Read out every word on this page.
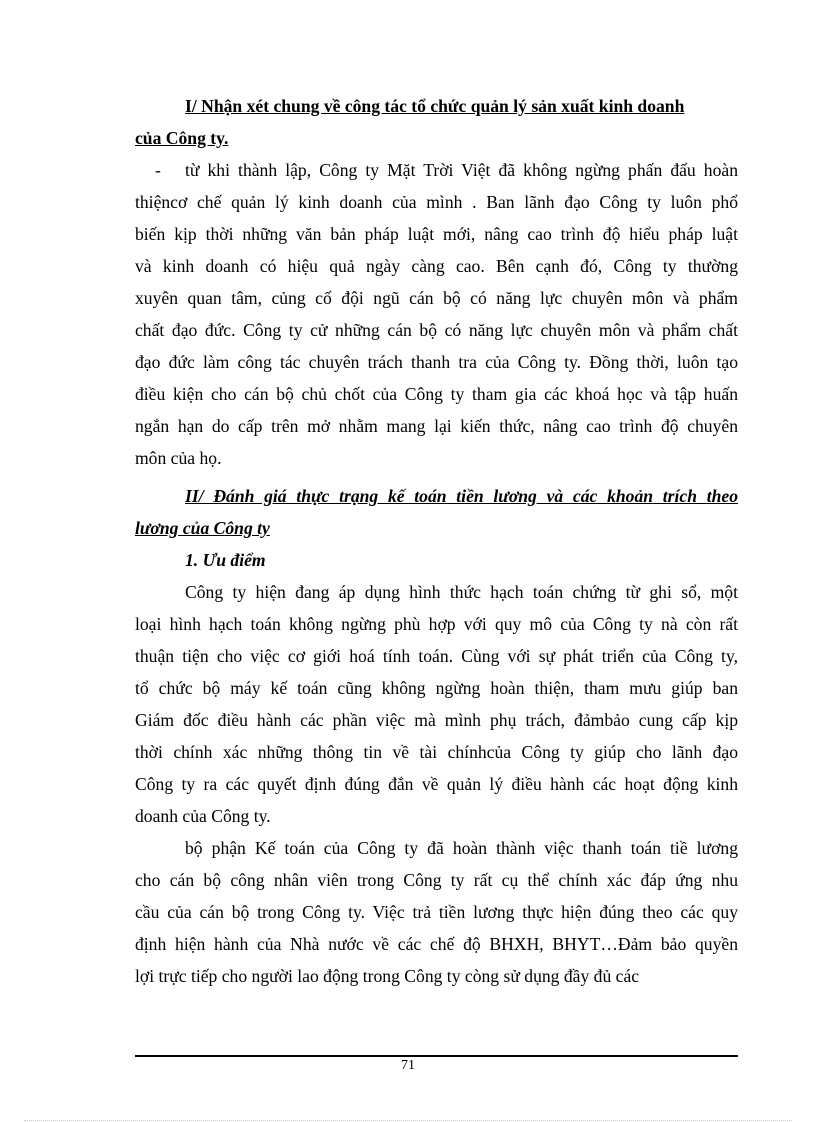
I/ Nhận xét chung về công tác tổ chức quản lý sản xuất kinh doanh
của Công ty.
- từ khi thành lập, Công ty Mặt Trời Việt đã không ngừng phấn đấu hoàn
thiệncơ chế quản lý kinh doanh của mình . Ban lãnh đạo Công ty luôn phổ
biến kịp thời những văn bản pháp luật mới, nâng cao trình độ hiểu pháp luật
và kinh doanh có hiệu quả ngày càng cao. Bên cạnh đó, Công ty thường
xuyên quan tâm, củng cố đội ngũ cán bộ có năng lực chuyên môn và phẩm
chất đạo đức. Công ty cử những cán bộ có năng lực chuyên môn và phẩm chất
đạo đức làm công tác chuyên trách thanh tra của Công ty. Đồng thời, luôn tạo
điều kiện cho cán bộ chủ chốt của Công ty tham gia các khoá học và tập huấn
ngắn hạn do cấp trên mở nhằm mang lại kiến thức, nâng cao trình độ chuyên
môn của họ.
II/ Đánh giá thực trạng kế toán tiền lương và các khoản trích theo
lương của Công ty
1. Ưu điểm
Công ty hiện đang áp dụng hình thức hạch toán chứng từ ghi sổ, một
loại hình hạch toán không ngừng phù hợp với quy mô của Công ty nà còn rất
thuận tiện cho việc cơ giới hoá tính toán. Cùng với sự phát triển của Công ty,
tổ chức bộ máy kế toán cũng không ngừng hoàn thiện, tham mưu giúp ban
Giám đốc điều hành các phần việc mà mình phụ trách, đảmbảo cung cấp kịp
thời chính xác những thông tin về tài chínhcủa Công ty giúp cho lãnh đạo
Công ty ra các quyết định đúng đắn về quản lý điều hành các hoạt động kinh
doanh của Công ty.
bộ phận Kế toán của Công ty đã hoàn thành việc thanh toán tiề lương
cho cán bộ công nhân viên trong Công ty rất cụ thể chính xác đáp ứng nhu
cầu của cán bộ trong Công ty. Việc trả tiền lương thực hiện đúng theo các quy
định hiện hành của Nhà nước về các chế độ BHXH, BHYT…Đảm bảo quyền
lợi trực tiếp cho người lao động trong Công ty còng sử dụng đầy đủ các
71
